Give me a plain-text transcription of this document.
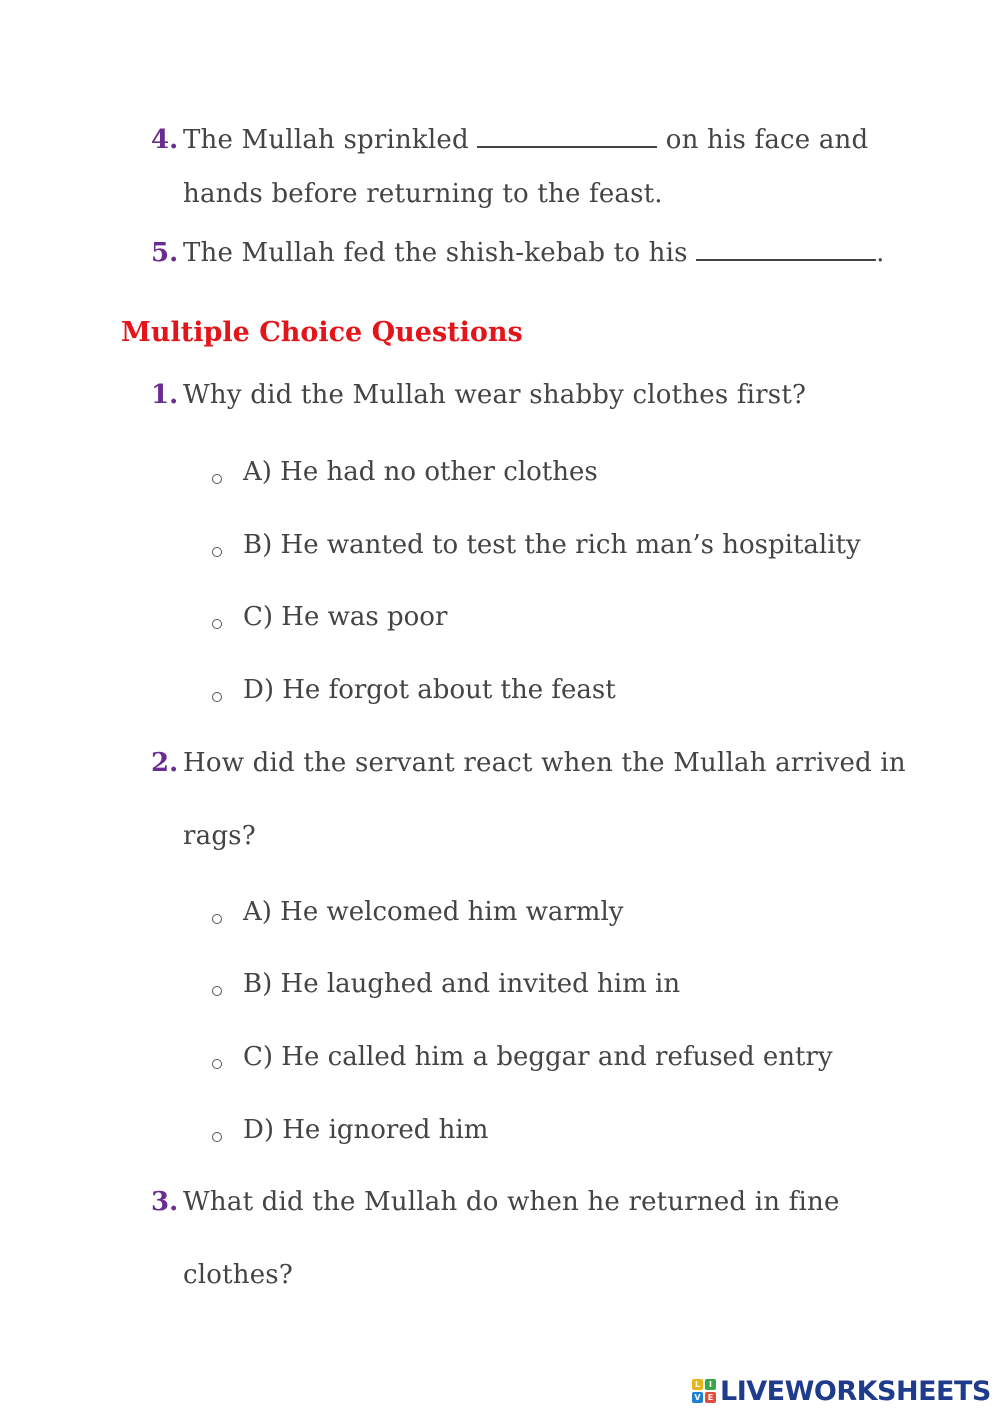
4. The Mullah sprinkled	on his face and
hands before returning to the feast.
5. The Mullah fed the shish-kebab to his	.
Multiple Choice Questions
1. Why did the Mullah wear shabby clothes first?
A) He had no other clothes
B) He wanted to test the rich man’s hospitality
C) He was poor
D) He forgot about the feast
2. How did the servant react when the Mullah arrived in
rags?
A) He welcomed him warmly
B) He laughed and invited him in
C) He called him a beggar and refused entry
D) He ignored him
3. What did the Mullah do when he returned in fine
clothes?
L	I
V E LIVEWORKSHEETS
